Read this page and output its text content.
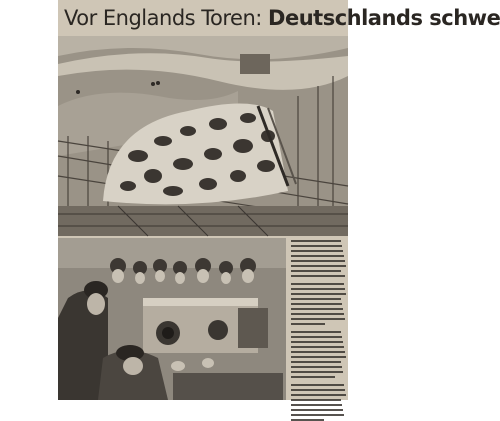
Vor Englands Toren: Deutschlands schwe
